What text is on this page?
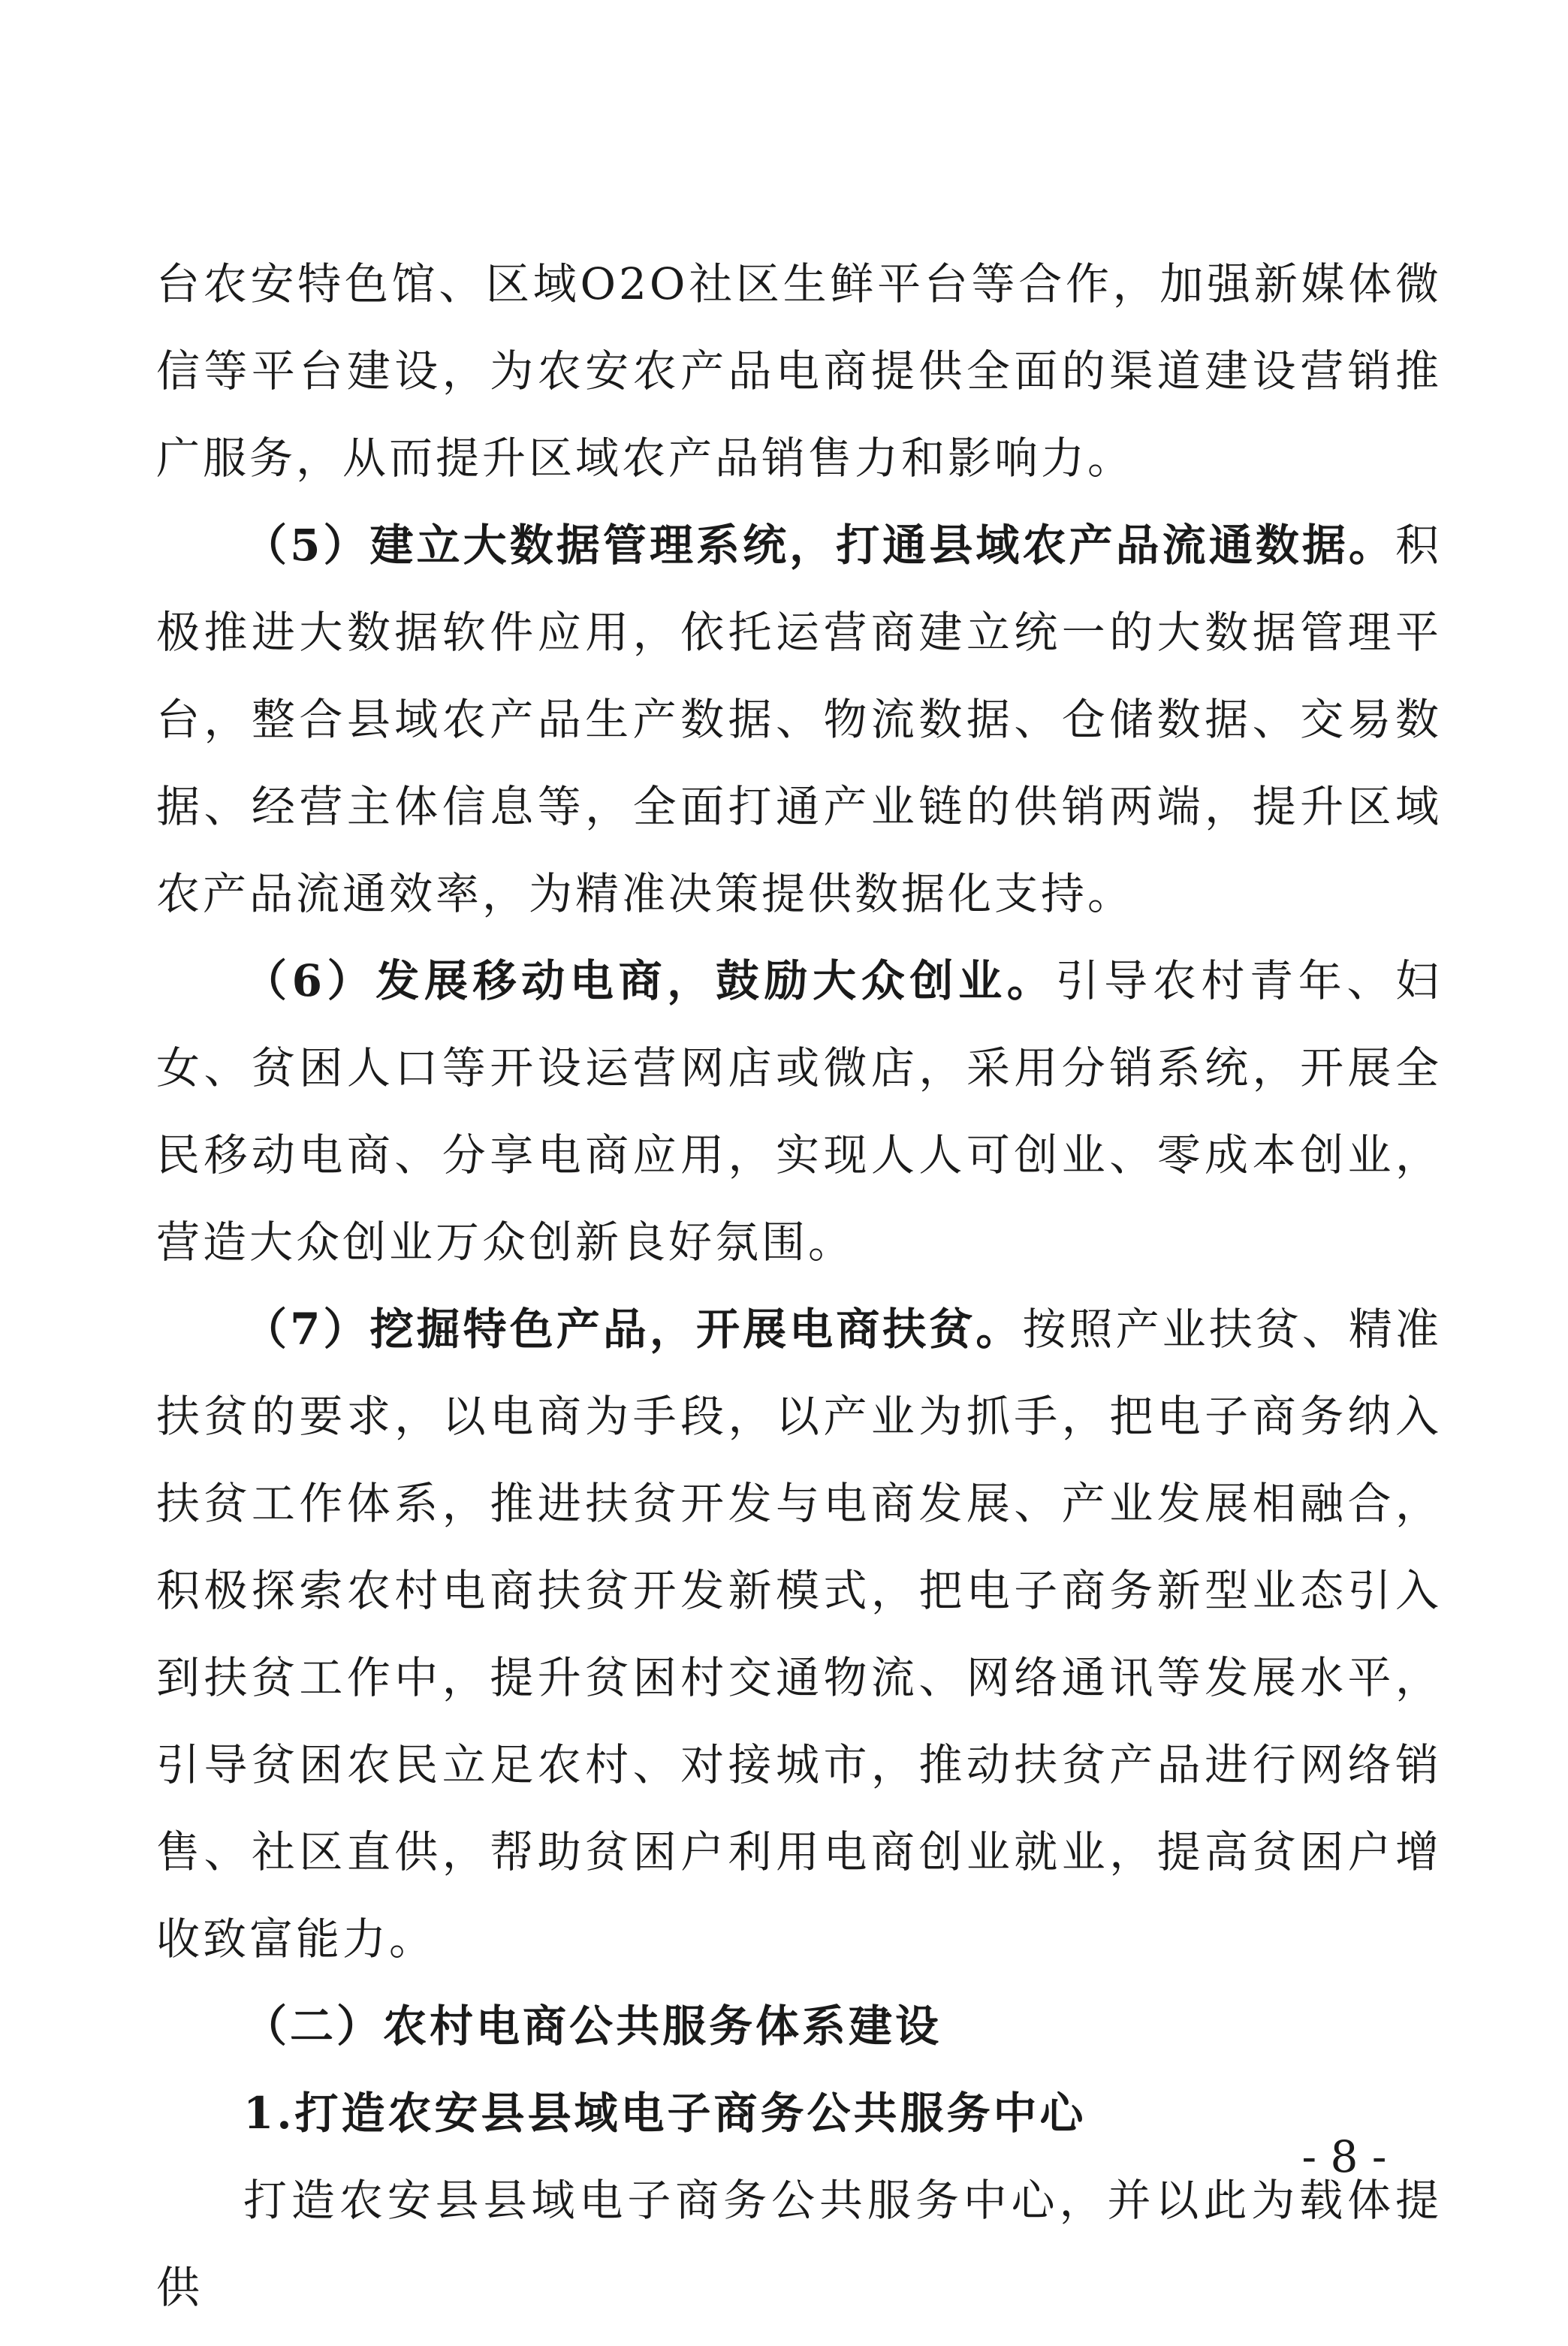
台农安特色馆、区域O2O社区生鲜平台等合作，加强新媒体微信等平台建设，为农安农产品电商提供全面的渠道建设营销推广服务，从而提升区域农产品销售力和影响力。

（5）建立大数据管理系统，打通县域农产品流通数据。积极推进大数据软件应用，依托运营商建立统一的大数据管理平台，整合县域农产品生产数据、物流数据、仓储数据、交易数据、经营主体信息等，全面打通产业链的供销两端，提升区域农产品流通效率，为精准决策提供数据化支持。

（6）发展移动电商，鼓励大众创业。引导农村青年、妇女、贫困人口等开设运营网店或微店，采用分销系统，开展全民移动电商、分享电商应用，实现人人可创业、零成本创业，营造大众创业万众创新良好氛围。

（7）挖掘特色产品，开展电商扶贫。按照产业扶贫、精准扶贫的要求，以电商为手段，以产业为抓手，把电子商务纳入扶贫工作体系，推进扶贫开发与电商发展、产业发展相融合，积极探索农村电商扶贫开发新模式，把电子商务新型业态引入到扶贫工作中，提升贫困村交通物流、网络通讯等发展水平，引导贫困农民立足农村、对接城市，推动扶贫产品进行网络销售、社区直供，帮助贫困户利用电商创业就业，提高贫困户增收致富能力。

（二）农村电商公共服务体系建设

1.打造农安县县域电子商务公共服务中心

打造农安县县域电子商务公共服务中心，并以此为载体提供

- 8 -
